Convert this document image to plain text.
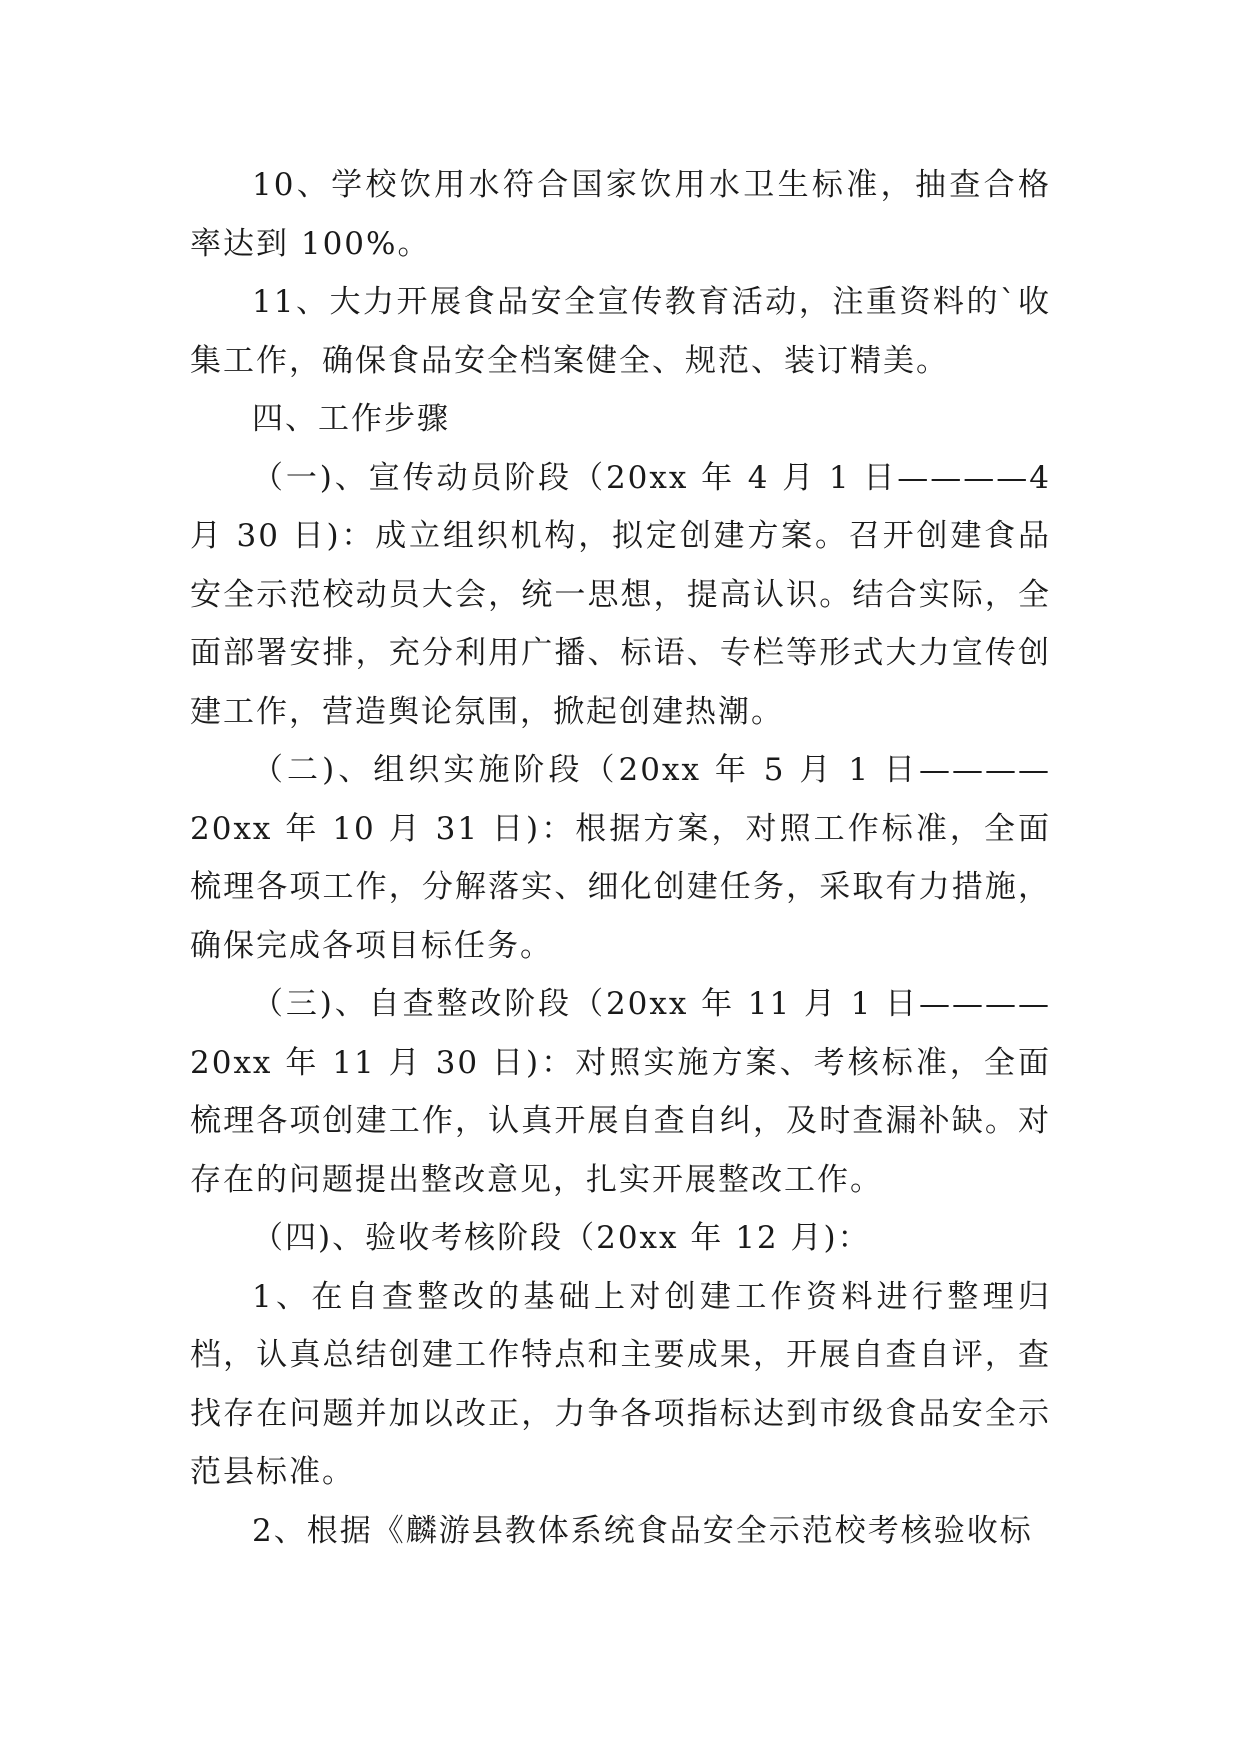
10、学校饮用水符合国家饮用水卫生标准，抽查合格率达到 100%。

11、大力开展食品安全宣传教育活动，注重资料的`收集工作，确保食品安全档案健全、规范、装订精美。

四、工作步骤

（一)、宣传动员阶段（20xx 年 4 月 1 日————4 月 30 日)：成立组织机构，拟定创建方案。召开创建食品安全示范校动员大会，统一思想，提高认识。结合实际，全面部署安排，充分利用广播、标语、专栏等形式大力宣传创建工作，营造舆论氛围，掀起创建热潮。

（二)、组织实施阶段（20xx 年 5 月 1 日————20xx 年 10 月 31 日)：根据方案，对照工作标准，全面梳理各项工作，分解落实、细化创建任务，采取有力措施，确保完成各项目标任务。

（三)、自查整改阶段（20xx 年 11 月 1 日————20xx 年 11 月 30 日)：对照实施方案、考核标准，全面梳理各项创建工作，认真开展自查自纠，及时查漏补缺。对存在的问题提出整改意见，扎实开展整改工作。

（四)、验收考核阶段（20xx 年 12 月)：

1、在自查整改的基础上对创建工作资料进行整理归档，认真总结创建工作特点和主要成果，开展自查自评，查找存在问题并加以改正，力争各项指标达到市级食品安全示范县标准。

2、根据《麟游县教体系统食品安全示范校考核验收标
